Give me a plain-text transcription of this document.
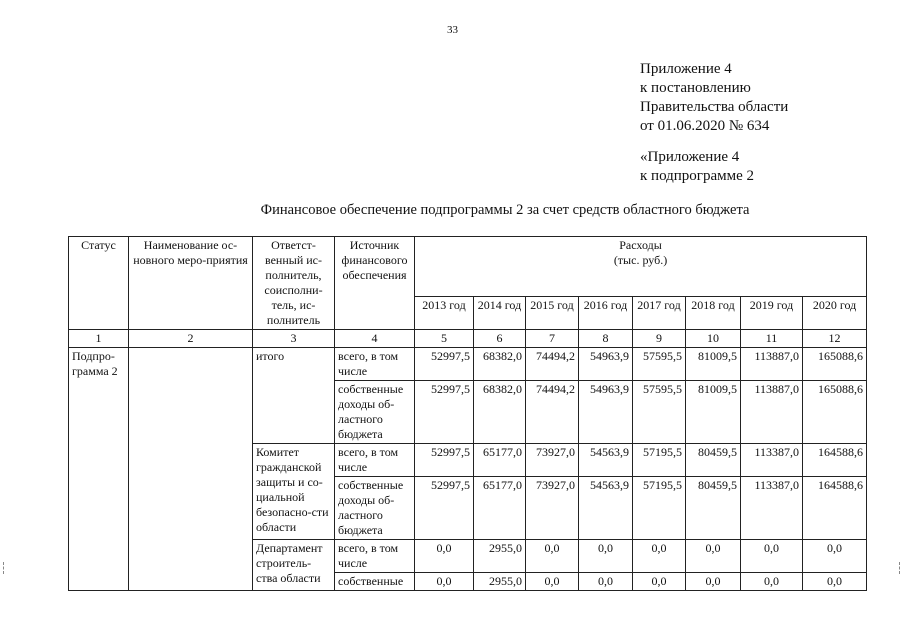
33
Приложение 4
к постановлению
Правительства области
от 01.06.2020 № 634
«Приложение 4
к подпрограмме 2
Финансовое обеспечение подпрограммы 2 за счет средств областного бюджета
Статус	Наименование ос-новного меро-приятия	Ответст-венный ис-полнитель, соисполни-тель, ис-полнитель	Источник финансового обеспечения	Расходы
(тыс. руб.)							

				2013 год	2014 год	2015 год	2016 год	2017 год	2018 год	2019 год	2020 год
1	2	3	4	5	6	7	8	9	10	11	12
Подпро-грамма 2		итого	всего, в том числе	52997,5	68382,0	74494,2	54963,9	57595,5	81009,5	113887,0	165088,6
			собственные доходы об-ластного бюджета	52997,5	68382,0	74494,2	54963,9	57595,5	81009,5	113887,0	165088,6
		Комитет гражданской защиты и со-циальной безопасно-сти области	всего, в том числе	52997,5	65177,0	73927,0	54563,9	57195,5	80459,5	113387,0	164588,6
			собственные доходы об-ластного бюджета	52997,5	65177,0	73927,0	54563,9	57195,5	80459,5	113387,0	164588,6
		Департамент строитель-ства области	всего, в том числе	0,0	2955,0	0,0	0,0	0,0	0,0	0,0	0,0
			собственные	0,0	2955,0	0,0	0,0	0,0	0,0	0,0	0,0
